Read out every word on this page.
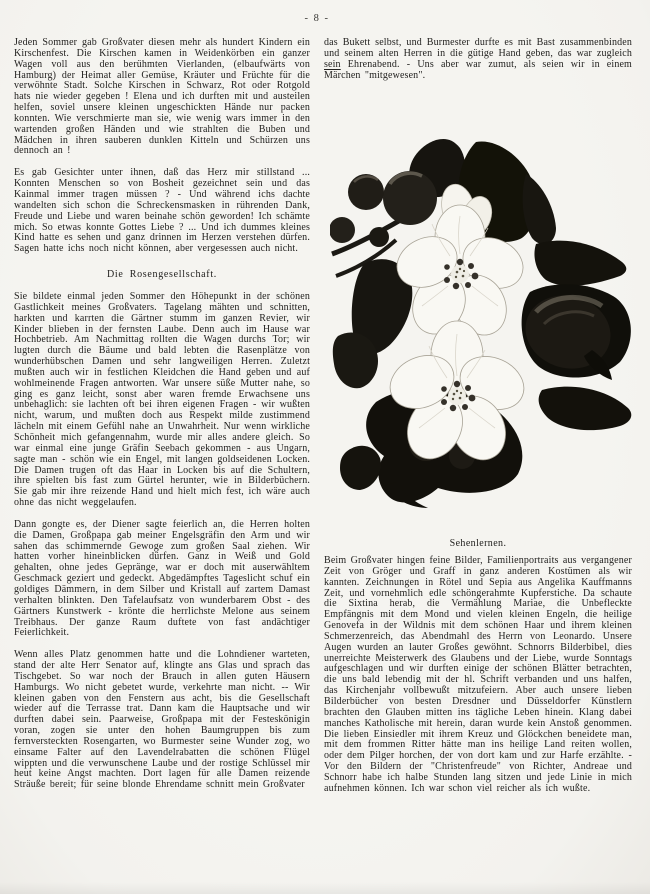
- 8 -

Jeden Sommer gab Großvater diesen mehr als hundert Kindern ein Kirschenfest. Die Kirschen kamen in Weidenkörben ein ganzer Wagen voll aus den berühmten Vierlanden, (elbaufwärts von Hamburg) der Heimat aller Gemüse, Kräuter und Früchte für die verwöhnte Stadt. Solche Kirschen in Schwarz, Rot oder Rotgold hats nie wieder gegeben ! Elena und ich durften mit und austeilen helfen, soviel unsere kleinen ungeschickten Hände nur packen konnten. Wie verschmierte man sie, wie wenig wars immer in den wartenden großen Händen und wie strahlten die Buben und Mädchen in ihren sauberen dunklen Kitteln und Schürzen uns dennoch an !

Es gab Gesichter unter ihnen, daß das Herz mir stillstand ... Konnten Menschen so von Bosheit gezeichnet sein und das Kainmal immer tragen müssen ? - Und während ichs dachte wandelten sich schon die Schreckensmasken in rührenden Dank, Freude und Liebe und waren beinahe schön geworden! Ich schämte mich. So etwas konnte Gottes Liebe ? ... Und ich dummes kleines Kind hatte es sehen und ganz drinnen im Herzen verstehen dürfen. Sagen hatte ichs noch nicht können, aber vergesessen auch nicht.

Die Rosengesellschaft.

Sie bildete einmal jeden Sommer den Höhepunkt in der schönen Gastlichkeit meines Großvaters. Tagelang mähten und schnitten, harkten und karrten die Gärtner stumm im ganzen Revier, wir Kinder blieben in der fernsten Laube. Denn auch im Hause war Hochbetrieb. Am Nachmittag rollten die Wagen durchs Tor; wir lugten durch die Bäume und bald lebten die Rasenplätze von wunderhübschen Damen und sehr langweiligen Herren. Zuletzt mußten auch wir in festlichen Kleidchen die Hand geben und auf wohlmeinende Fragen antworten. War unsere süße Mutter nahe, so ging es ganz leicht, sonst aber waren fremde Erwachsene uns unbehaglich: sie lachten oft bei ihren eigenen Fragen - wir wußten nicht, warum, und mußten doch aus Respekt milde zustimmend lächeln mit einem Gefühl nahe an Unwahrheit. Nur wenn wirkliche Schönheit mich gefangennahm, wurde mir alles andere gleich. So war einmal eine junge Gräfin Seebach gekommen - aus Ungarn, sagte man - schön wie ein Engel, mit langen goldseidenen Locken. Die Damen trugen oft das Haar in Locken bis auf die Schultern, ihre spielten bis fast zum Gürtel herunter, wie in Bilderbüchern. Sie gab mir ihre reizende Hand und hielt mich fest, ich wäre auch ohne das nicht weggelaufen.

Dann gongte es, der Diener sagte feierlich an, die Herren holten die Damen, Großpapa gab meiner Engelsgräfin den Arm und wir sahen das schimmernde Gewoge zum großen Saal ziehen. Wir hatten vorher hineinblicken dürfen. Ganz in Weiß und Gold gehalten, ohne jedes Gepränge, war er doch mit auserwähltem Geschmack geziert und gedeckt. Abgedämpftes Tageslicht schuf ein goldiges Dämmern, in dem Silber und Kristall auf zartem Damast verhalten blinkten. Den Tafelaufsatz von wunderbarem Obst - des Gärtners Kunstwerk - krönte die herrlichste Melone aus seinem Treibhaus. Der ganze Raum duftete von fast andächtiger Feierlichkeit.

Wenn alles Platz genommen hatte und die Lohndiener warteten, stand der alte Herr Senator auf, klingte ans Glas und sprach das Tischgebet. So war noch der Brauch in allen guten Häusern Hamburgs. Wo nicht gebetet wurde, verkehrte man nicht. -- Wir kleinen gaben von den Fenstern aus acht, bis die Gesellschaft wieder auf die Terrasse trat. Dann kam die Hauptsache und wir durften dabei sein. Paarweise, Großpapa mit der Festeskönigin voran, zogen sie unter den hohen Baumgruppen bis zum fernversteckten Rosengarten, wo Burmester seine Wunder zog, wo einsame Falter auf den Lavendelrabatten die schönen Flügel wippten und die verwunschene Laube und der rostige Schlüssel mir heut keine Angst machten. Dort lagen für alle Damen reizende Sträuße bereit; für seine blonde Ehrendame schnitt mein Großvater

das Bukett selbst, und Burmester durfte es mit Bast zusammenbinden und seinem alten Herren in die gütige Hand geben, das war zugleich sein Ehrenabend. - Uns aber war zumut, als seien wir in einem Märchen "mitgewesen".

Sehenlernen.

Beim Großvater hingen feine Bilder, Familienportraits aus vergangener Zeit von Gröger und Graff in ganz anderen Kostümen als wir kannten. Zeichnungen in Rötel und Sepia aus Angelika Kauffmanns Zeit, und vornehmlich edle schöngerahmte Kupferstiche. Da schaute die Sixtina herab, die Vermählung Mariae, die Unbefleckte Empfängnis mit dem Mond und vielen kleinen Engeln, die heilige Genovefa in der Wildnis mit dem schönen Haar und ihrem kleinen Schmerzenreich, das Abendmahl des Herrn von Leonardo. Unsere Augen wurden an lauter Großes gewöhnt. Schnorrs Bilderbibel, dies unerreichte Meisterwerk des Glaubens und der Liebe, wurde Sonntags aufgeschlagen und wir durften einige der schönen Blätter betrachten, die uns bald lebendig mit der hl. Schrift verbanden und uns halfen, das Kirchenjahr vollbewußt mitzufeiern. Aber auch unsere lieben Bilderbücher von besten Dresdner und Düsseldorfer Künstlern brachten den Glauben mitten ins tägliche Leben hinein. Klang dabei manches Katholische mit herein, daran wurde kein Anstoß genommen. Die lieben Einsiedler mit ihrem Kreuz und Glöckchen beneidete man, mit dem frommen Ritter hätte man ins heilige Land reiten wollen, oder dem Pilger horchen, der von dort kam und zur Harfe erzählte. - Vor den Bildern der "Christenfreude" von Richter, Andreae und Schnorr habe ich halbe Stunden lang sitzen und jede Linie in mich aufnehmen können. Ich war schon viel reicher als ich wußte.
